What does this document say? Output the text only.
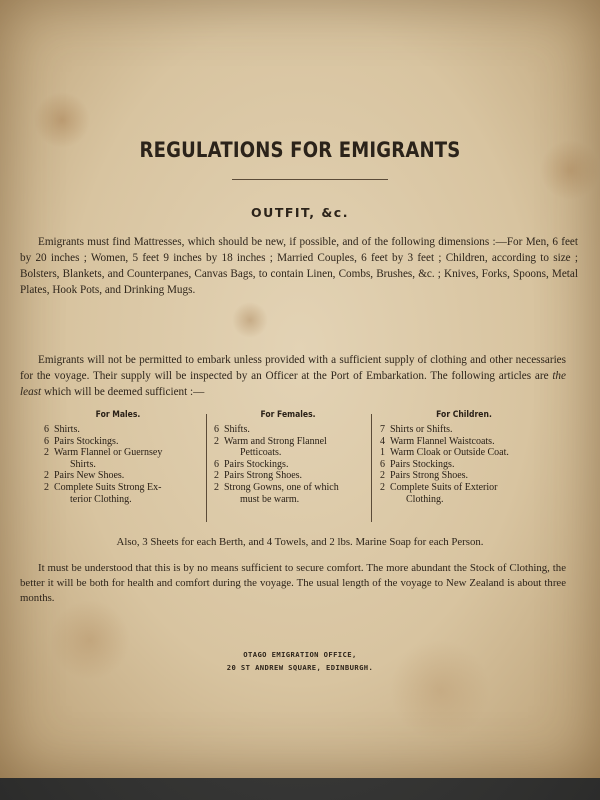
REGULATIONS FOR EMIGRANTS
OUTFIT, &c.

Emigrants must find Mattresses, which should be new, if possible, and of the following dimensions :—For Men, 6 feet by 20 inches ; Women, 5 feet 9 inches by 18 inches ; Married Couples, 6 feet by 3 feet ; Children, according to size ; Bolsters, Blankets, and Counterpanes, Canvas Bags, to contain Linen, Combs, Brushes, &c. ; Knives, Forks, Spoons, Metal Plates, Hook Pots, and Drinking Mugs.

Emigrants will not be permitted to embark unless provided with a sufficient supply of clothing and other necessaries for the voyage. Their supply will be inspected by an Officer at the Port of Embarkation. The following articles are the least which will be deemed sufficient :—

For Males.

6 Shirts.
6 Pairs Stockings.
2 Warm Flannel or Guernsey
Shirts.
2 Pairs New Shoes.
2 Complete Suits Strong Ex-
terior Clothing.

For Females.

6 Shifts.
2 Warm and Strong Flannel
Petticoats.
6 Pairs Stockings.
2 Pairs Strong Shoes.
2 Strong Gowns, one of which
must be warm.

For Children.

7 Shirts or Shifts.
4 Warm Flannel Waistcoats.
1 Warm Cloak or Outside Coat.
6 Pairs Stockings.
2 Pairs Strong Shoes.
2 Complete Suits of Exterior
Clothing.

Also, 3 Sheets for each Berth, and 4 Towels, and 2 lbs. Marine Soap for each Person.

It must be understood that this is by no means sufficient to secure comfort. The more abundant the Stock of Clothing, the better it will be both for health and comfort during the voyage. The usual length of the voyage to New Zealand is about three months.

OTAGO EMIGRATION OFFICE,
20 ST ANDREW SQUARE, EDINBURGH.
